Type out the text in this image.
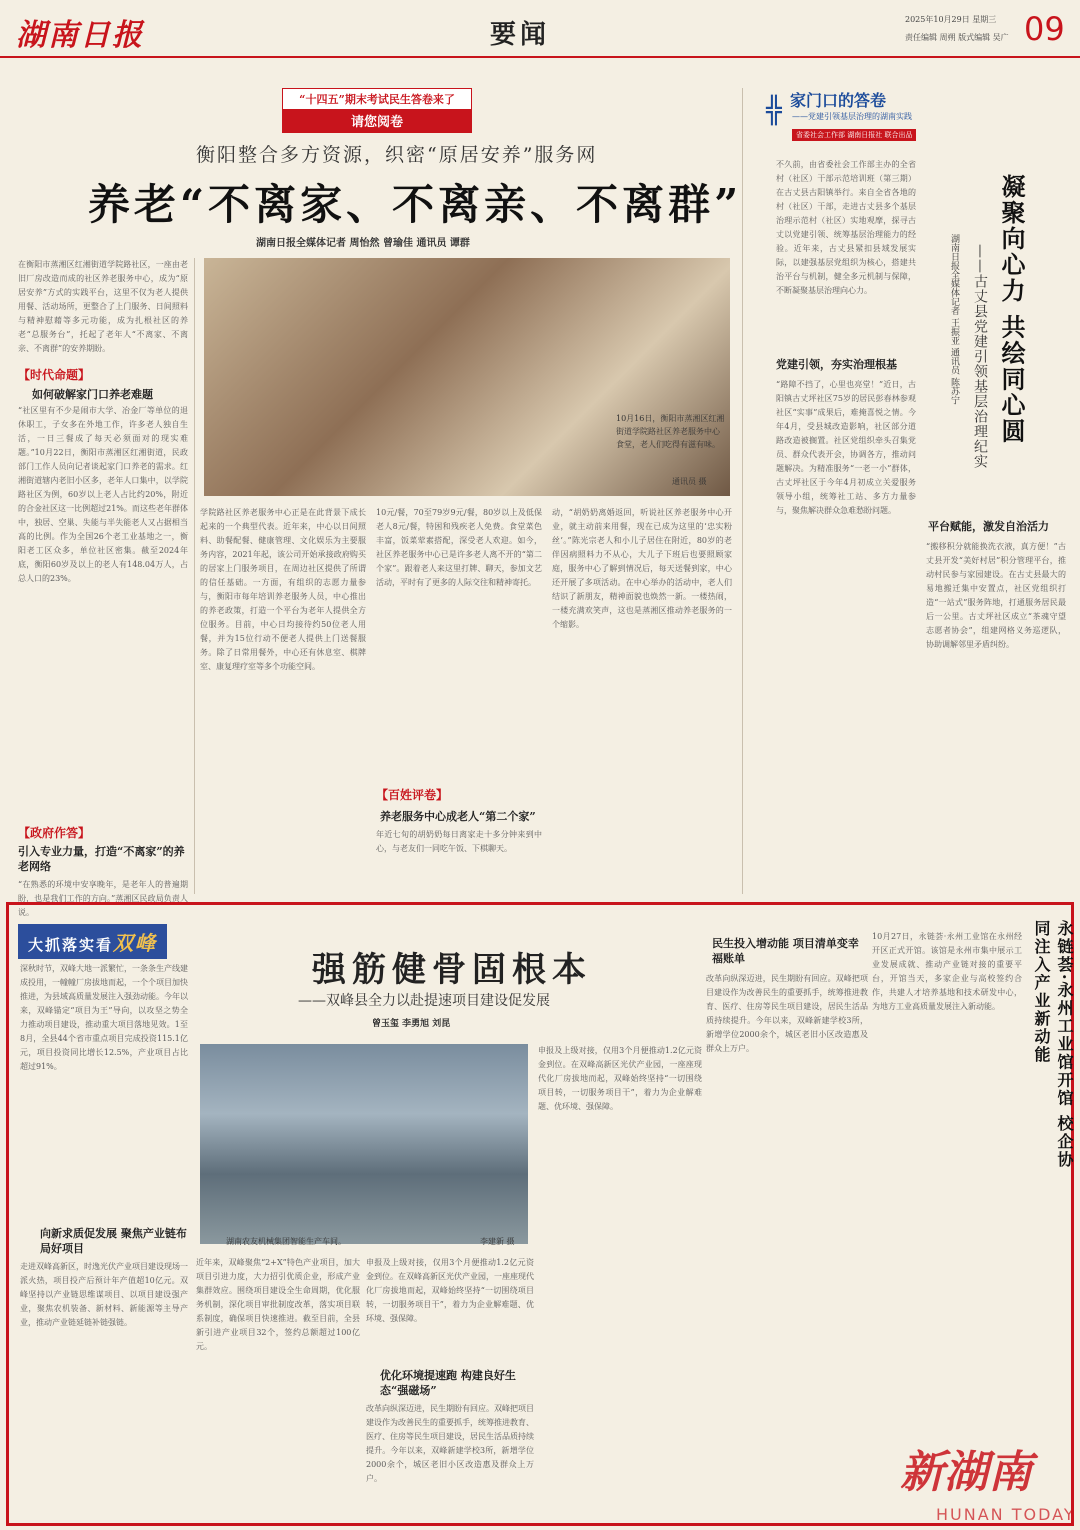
湖南日报	要闻
2025年10月29日 星期三
责任编辑 周朔 版式编辑 吴广 09
“十四五”期末考试民生答卷来了
请您阅卷
衡阳整合多方资源，织密“原居安养”服务网
养老“不离家、不离亲、不离群”
湖南日报全媒体记者 周怡然 曾瑜佳 通讯员 谭群
在衡阳市蒸湘区红湘街道学院路社区，一座由老旧厂房改造而成的社区养老服务中心，成为“原居安养”方式的实践平台，这里不仅为老人提供用餐、活动场所，更整合了上门服务、日间照料与精神慰藉等多元功能，成为扎根社区的养老“总服务台”，托起了老年人“不离家、不离亲、不离群”的安养期盼。
【时代命题】
如何破解家门口养老难题
“社区里有不少是闹市大学、冶金厂等单位的退休职工，子女多在外地工作，许多老人独自生活，一日三餐成了每天必须面对的现实难题。”10月22日，衡阳市蒸湘区红湘街道，民政部门工作人员向记者谈起家门口养老的需求。红湘街道辖内老旧小区多，老年人口集中，以学院路社区为例，60岁以上老人占比约20%，附近的合金社区这一比例超过21%。而这些老年群体中，独居、空巢、失能与半失能老人又占据相当高的比例。作为全国26个老工业基地之一，衡阳老工区众多，单位社区密集。截至2024年底，衡阳60岁及以上的老人有148.04万人，占总人口的23%。
【政府作答】
引入专业力量，打造“不离家”的养老网络
“在熟悉的环境中安享晚年，是老年人的普遍期盼，也是我们工作的方向。”蒸湘区民政局负责人说。
10月16日，衡阳市蒸湘区红湘街道学院路社区养老服务中心食堂，老人们吃得有滋有味。
通讯员 摄
学院路社区养老服务中心正是在此背景下成长起来的一个典型代表。近年来，中心以日间照料、助餐配餐、健康管理、文化娱乐为主要服务内容，2021年起，该公司开始承接政府购买的居家上门服务项目，在周边社区提供了所谓的信任基础。一方面，有组织的志愿力量参与，衡阳市每年培训养老服务人员，中心推出的养老政策，打造一个平台为老年人提供全方位服务。目前，中心日均接待约50位老人用餐，并为15位行动不便老人提供上门送餐服务。除了日常用餐外，中心还有休息室、棋牌室、康复理疗室等多个功能空间。
10元/餐，70至79岁9元/餐，80岁以上及低保老人8元/餐，特困和残疾老人免费。食堂菜色丰富，饭菜荤素搭配，深受老人欢迎。如今，社区养老服务中心已是许多老人离不开的“第二个家”。跟着老人来这里打牌、聊天，参加文艺活动，平时有了更多的人际交往和精神寄托。
【百姓评卷】
养老服务中心成老人“第二个家”
年近七旬的胡奶奶每日离家走十多分钟来到中心，与老友们一同吃午饭、下棋聊天。
动，“胡奶奶离婚返回，听说社区养老服务中心开业，就主动前来用餐，现在已成为这里的‘忠实粉丝’。”陈光宗老人和小儿子居住在附近，80岁的老伴因病照料力不从心，大儿子下班后也要照顾家庭，服务中心了解到情况后，每天送餐到家，中心还开展了多项活动。在中心举办的活动中，老人们结识了新朋友，精神面貌也焕然一新。一楼热闹，一楼充满欢笑声，这也是蒸湘区推动养老服务的一个缩影。
╬ 家门口的答卷
——党建引领基层治理的湖南实践
省委社会工作部 湖南日报社 联合出品
凝聚向心力 共绘同心圆
——古丈县党建引领基层治理纪实
湖南日报全媒体记者 王振亚 通讯员 陈苏宁
不久前，由省委社会工作部主办的全省村（社区）干部示范培训班（第三期）在古丈县古阳镇举行。来自全省各地的村（社区）干部，走进古丈县多个基层治理示范村（社区）实地观摩，探寻古丈以党建引领、统筹基层治理能力的经验。近年来，古丈县紧扣县域发展实际，以建强基层党组织为核心，搭建共治平台与机制，健全多元机制与保障，不断凝聚基层治理向心力。
党建引领，夯实治理根基
“路障不挡了，心里也亮堂！”近日，古阳镇古丈坪社区75岁的居民彭春林参观社区“实事”成果后，难掩喜悦之情。今年4月，受县城改造影响，社区部分道路改造被搁置。社区党组织牵头召集党员、群众代表开会，协调各方，推动问题解决。为精准服务“一老一小”群体，古丈坪社区于今年4月初成立关爱服务领导小组，统筹社工站、多方力量参与，聚焦解决群众急难愁盼问题。
平台赋能，激发自治活力
“搬移积分就能换洗衣液，真方便！”古丈县开发“美好村居”积分管理平台，推动村民参与家园建设。在古丈县最大的易地搬迁集中安置点，社区党组织打造“一站式”服务阵地，打通服务居民最后一公里。古丈坪社区成立“茶魂守望志愿者协会”，组建网格义务巡逻队，协助调解邻里矛盾纠纷。
大抓落实看双峰
强筋健骨固根本
——双峰县全力以赴提速项目建设促发展
曾玉玺 李勇旭 刘昆
深秋时节，双峰大地一派繁忙，一条条生产线建成投用，一幢幢厂房拔地而起，一个个项目加快推进，为县域高质量发展注入强劲动能。今年以来，双峰锚定“项目为王”导向，以攻坚之势全力推动项目建设，推动重大项目落地见效。1至8月，全县44个省市重点项目完成投资115.1亿元，项目投资同比增长12.5%，产业项目占比超过91%。
向新求质促发展 聚焦产业链布局好项目
走进双峰高新区，时逸光伏产业项目建设现场一派火热，项目投产后预计年产值超10亿元。双峰坚持以产业链思维谋项目、以项目建设强产业，聚焦农机装备、新材料、新能源等主导产业，推动产业链延链补链强链。
湖南农友机械集团智能生产车间。	李建新 摄
近年来，双峰聚焦“2+X”特色产业项目，加大项目引进力度，大力招引优质企业，形成产业集群效应。围绕项目建设全生命周期，优化服务机制，深化项目审批制度改革，落实项目联系制度，确保项目快速推进。截至目前，全县新引进产业项目32个，签约总额超过100亿元。
优化环境提速跑 构建良好生态“强磁场”
申报及上级对接，仅用3个月便推动1.2亿元资金到位。在双峰高新区光伏产业园，一座座现代化厂房拔地而起，双峰始终坚持“一切围绕项目转，一切服务项目干”，着力为企业解难题、优环境、强保障。
改革向纵深迈进，民生期盼有回应。双峰把项目建设作为改善民生的重要抓手，统筹推进教育、医疗、住房等民生项目建设，居民生活品质持续提升。今年以来，双峰新建学校3所，新增学位2000余个，城区老旧小区改造惠及群众上万户。
申报及上级对接，仅用3个月便推动1.2亿元资金到位。在双峰高新区光伏产业园，一座座现代化厂房拔地而起，双峰始终坚持“一切围绕项目转，一切服务项目干”，着力为企业解难题、优环境、强保障。
民生投入增动能 项目清单变幸福账单
改革向纵深迈进，民生期盼有回应。双峰把项目建设作为改善民生的重要抓手，统筹推进教育、医疗、住房等民生项目建设，居民生活品质持续提升。今年以来，双峰新建学校3所，新增学位2000余个，城区老旧小区改造惠及群众上万户。	永链荟·永州工业馆开馆 校企协同注入产业新动能
10月27日，永链荟·永州工业馆在永州经开区正式开馆。该馆是永州市集中展示工业发展成就、推动产业链对接的重要平台，开馆当天，多家企业与高校签约合作，共建人才培养基地和技术研发中心，为地方工业高质量发展注入新动能。
新湖南
HUNAN TODAY
